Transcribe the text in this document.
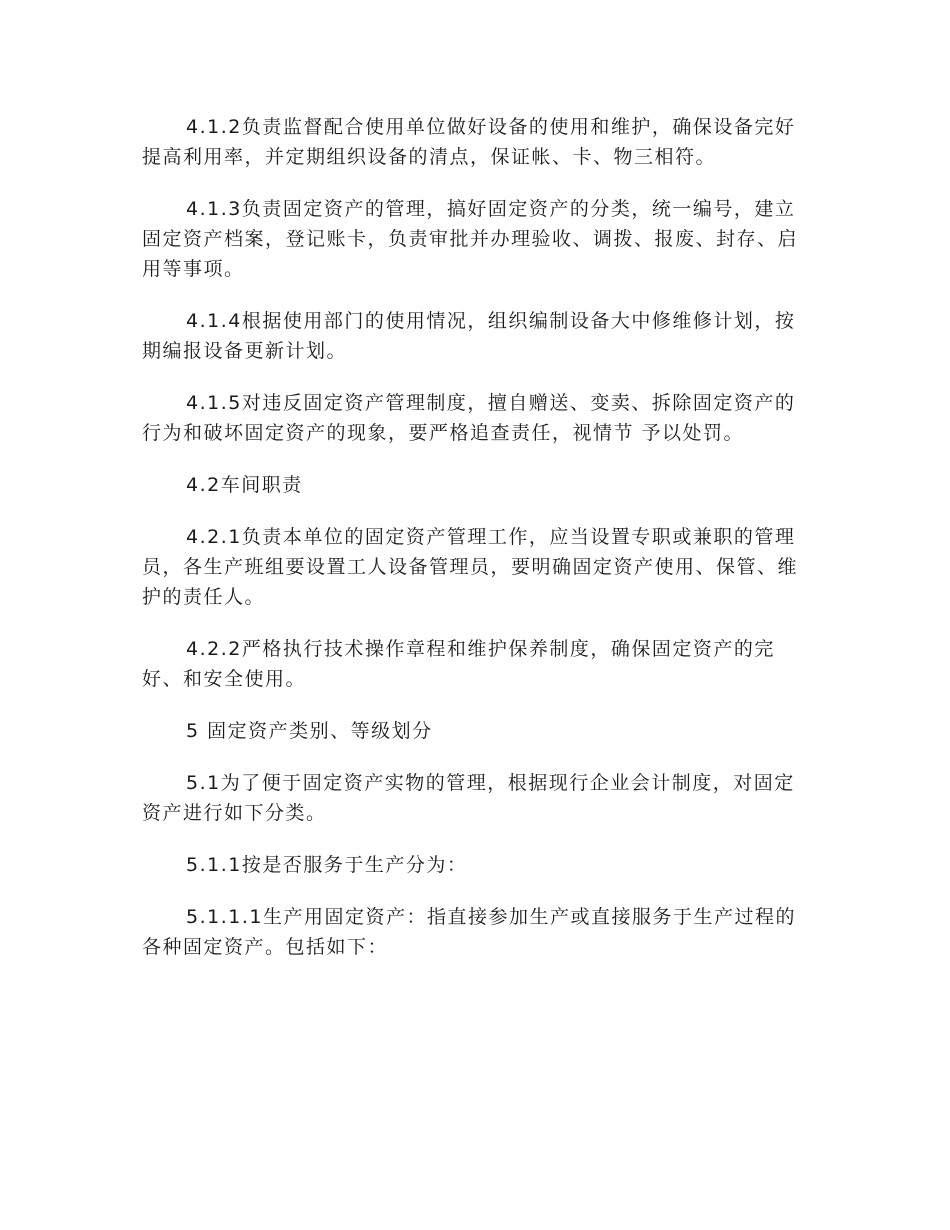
4.1.2负责监督配合使用单位做好设备的使用和维护，确保设备完好提高利用率，并定期组织设备的清点，保证帐、卡、物三相符。

4.1.3负责固定资产的管理，搞好固定资产的分类，统一编号，建立固定资产档案，登记账卡，负责审批并办理验收、调拨、报废、封存、启用等事项。

4.1.4根据使用部门的使用情况，组织编制设备大中修维修计划，按期编报设备更新计划。

4.1.5对违反固定资产管理制度，擅自赠送、变卖、拆除固定资产的行为和破坏固定资产的现象，要严格追查责任，视情节 予以处罚。

4.2车间职责

4.2.1负责本单位的固定资产管理工作，应当设置专职或兼职的管理员，各生产班组要设置工人设备管理员，要明确固定资产使用、保管、维护的责任人。

4.2.2严格执行技术操作章程和维护保养制度，确保固定资产的完好、和安全使用。

5 固定资产类别、等级划分

5.1为了便于固定资产实物的管理，根据现行企业会计制度，对固定资产进行如下分类。

5.1.1按是否服务于生产分为：

5.1.1.1生产用固定资产：指直接参加生产或直接服务于生产过程的各种固定资产。包括如下：
